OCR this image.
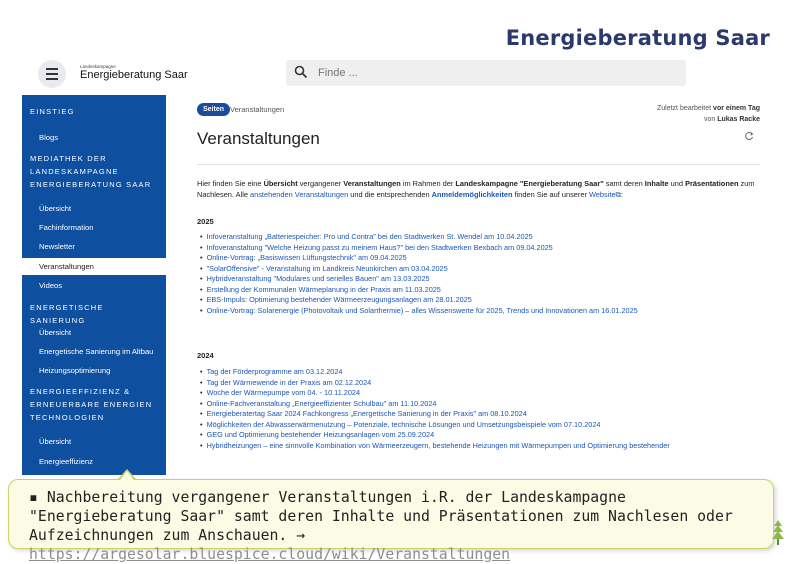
Energieberatung Saar
Landeskampagne
Energieberatung Saar
Finde ...
EINSTIEG
Blogs
MEDIATHEK DER
LANDESKAMPAGNE
ENERGIEBERATUNG SAAR
Übersicht
Fachinformation
Newsletter
Veranstaltungen
Videos
ENERGETISCHE SANIERUNG
Übersicht
Energetische Sanierung im Altbau
Heizungsoptimierung
ENERGIEEFFIZIENZ &
ERNEUERBARE ENERGIEN
TECHNOLOGIEN
Übersicht
Energieeffizienz
Seiten Veranstaltungen	Zuletzt bearbeitet vor einem Tag
von Lukas Racke
Veranstaltungen
Hier finden Sie eine Übersicht vergangener Veranstaltungen im Rahmen der Landeskampagne "Energieberatung Saar" samt deren Inhalte und Präsentationen zum Nachlesen. Alle anstehenden Veranstaltungen und die entsprechenden Anmeldemöglichkeiten finden Sie auf unserer Website⧉:
2025
• Infoveranstaltung „Batteriespeicher: Pro und Contra" bei den Stadtwerken St. Wendel am 10.04.2025
• Infoveranstaltung "Welche Heizung passt zu meinem Haus?" bei den Stadtwerken Bexbach am 09.04.2025
• Online-Vortrag: „Basiswissen Lüftungstechnik" am 09.04.2025
• "SolarOffensive" - Veranstaltung im Landkreis Neunkirchen am 03.04.2025
• Hybridveranstaltung "Modulares und serielles Bauen" am 13.03.2025
• Erstellung der Kommunalen Wärmeplanung in der Praxis am 11.03.2025
• EBS-Impuls: Optimierung bestehender Wärmeerzeugungsanlagen am 28.01.2025
• Online-Vortrag: Solarenergie (Photovoltaik und Solarthermie) – alles Wissenswerte für 2025, Trends und Innovationen am 16.01.2025
2024
• Tag der Förderprogramme am 03.12.2024
• Tag der Wärmewende in der Praxis am 02.12.2024
• Woche der Wärmepumpe vom 04. - 10.11.2024
• Online-Fachveranstaltung „Energieeffizienter Schulbau" am 11.10.2024
• Energieberatertag Saar 2024 Fachkongress „Energetische Sanierung in der Praxis" am 08.10.2024
• Möglichkeiten der Abwasserwärmenutzung – Potenziale, technische Lösungen und Umsetzungsbeispiele vom 07.10.2024
• GEG und Optimierung bestehender Heizungsanlagen vom 25.09.2024
• Hybridheizungen – eine sinnvolle Kombination von Wärmeerzeugern, bestehende Heizungen mit Wärmepumpen und Optimierung bestehender
▪ Nachbereitung vergangener Veranstaltungen i.R. der Landeskampagne "Energieberatung Saar" samt deren Inhalte und Präsentationen zum Nachlesen oder Aufzeichnungen zum Anschauen. → https://argesolar.bluespice.cloud/wiki/Veranstaltungen
